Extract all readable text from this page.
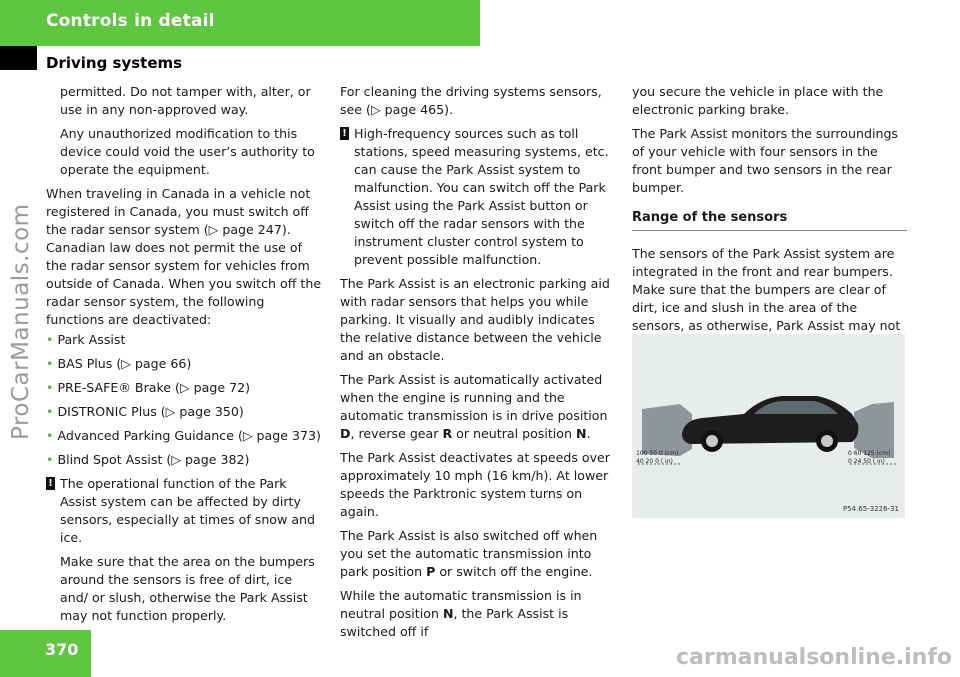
Controls in detail
Driving systems

permitted. Do not tamper with, alter, or use in any non-approved way.

Any unauthorized modification to this device could void the user’s authority to operate the equipment.

When traveling in Canada in a vehicle not registered in Canada, you must switch off the radar sensor system (▷ page 247). Canadian law does not permit the use of the radar sensor system for vehicles from outside of Canada. When you switch off the radar sensor system, the following functions are deactivated:

• Park Assist
• BAS Plus (▷ page 66)
• PRE-SAFE® Brake (▷ page 72)
• DISTRONIC Plus (▷ page 350)
• Advanced Parking Guidance (▷ page 373)
• Blind Spot Assist (▷ page 382)

! The operational function of the Park Assist system can be affected by dirty sensors, especially at times of snow and ice.

Make sure that the area on the bumpers around the sensors is free of dirt, ice and/ or slush, otherwise the Park Assist may not function properly.

For cleaning the driving systems sensors, see (▷ page 465).

! High-frequency sources such as toll stations, speed measuring systems, etc. can cause the Park Assist system to malfunction. You can switch off the Park Assist using the Park Assist button or switch off the radar sensors with the instrument cluster control system to prevent possible malfunction.

The Park Assist is an electronic parking aid with radar sensors that helps you while parking. It visually and audibly indicates the relative distance between the vehicle and an obstacle.

The Park Assist is automatically activated when the engine is running and the automatic transmission is in drive position D, reverse gear R or neutral position N.

The Park Assist deactivates at speeds over approximately 10 mph (16 km/h). At lower speeds the Parktronic system turns on again.

The Park Assist is also switched off when you set the automatic transmission into park position P or switch off the engine.

While the automatic transmission is in neutral position N, the Park Assist is switched off if

you secure the vehicle in place with the electronic parking brake.

The Park Assist monitors the surroundings of your vehicle with four sensors in the front bumper and two sensors in the rear bumper.

Range of the sensors

The sensors of the Park Assist system are integrated in the front and rear bumpers. Make sure that the bumpers are clear of dirt, ice and slush in the area of the sensors, as otherwise, Park Assist may not

100 50 0 (cm)
40 20 0 ( in)
0 60 125 (cm)
0 24 50 ( in)
P54.65-3226-31
370
ProCarManuals.com
carmanualsonline.info
